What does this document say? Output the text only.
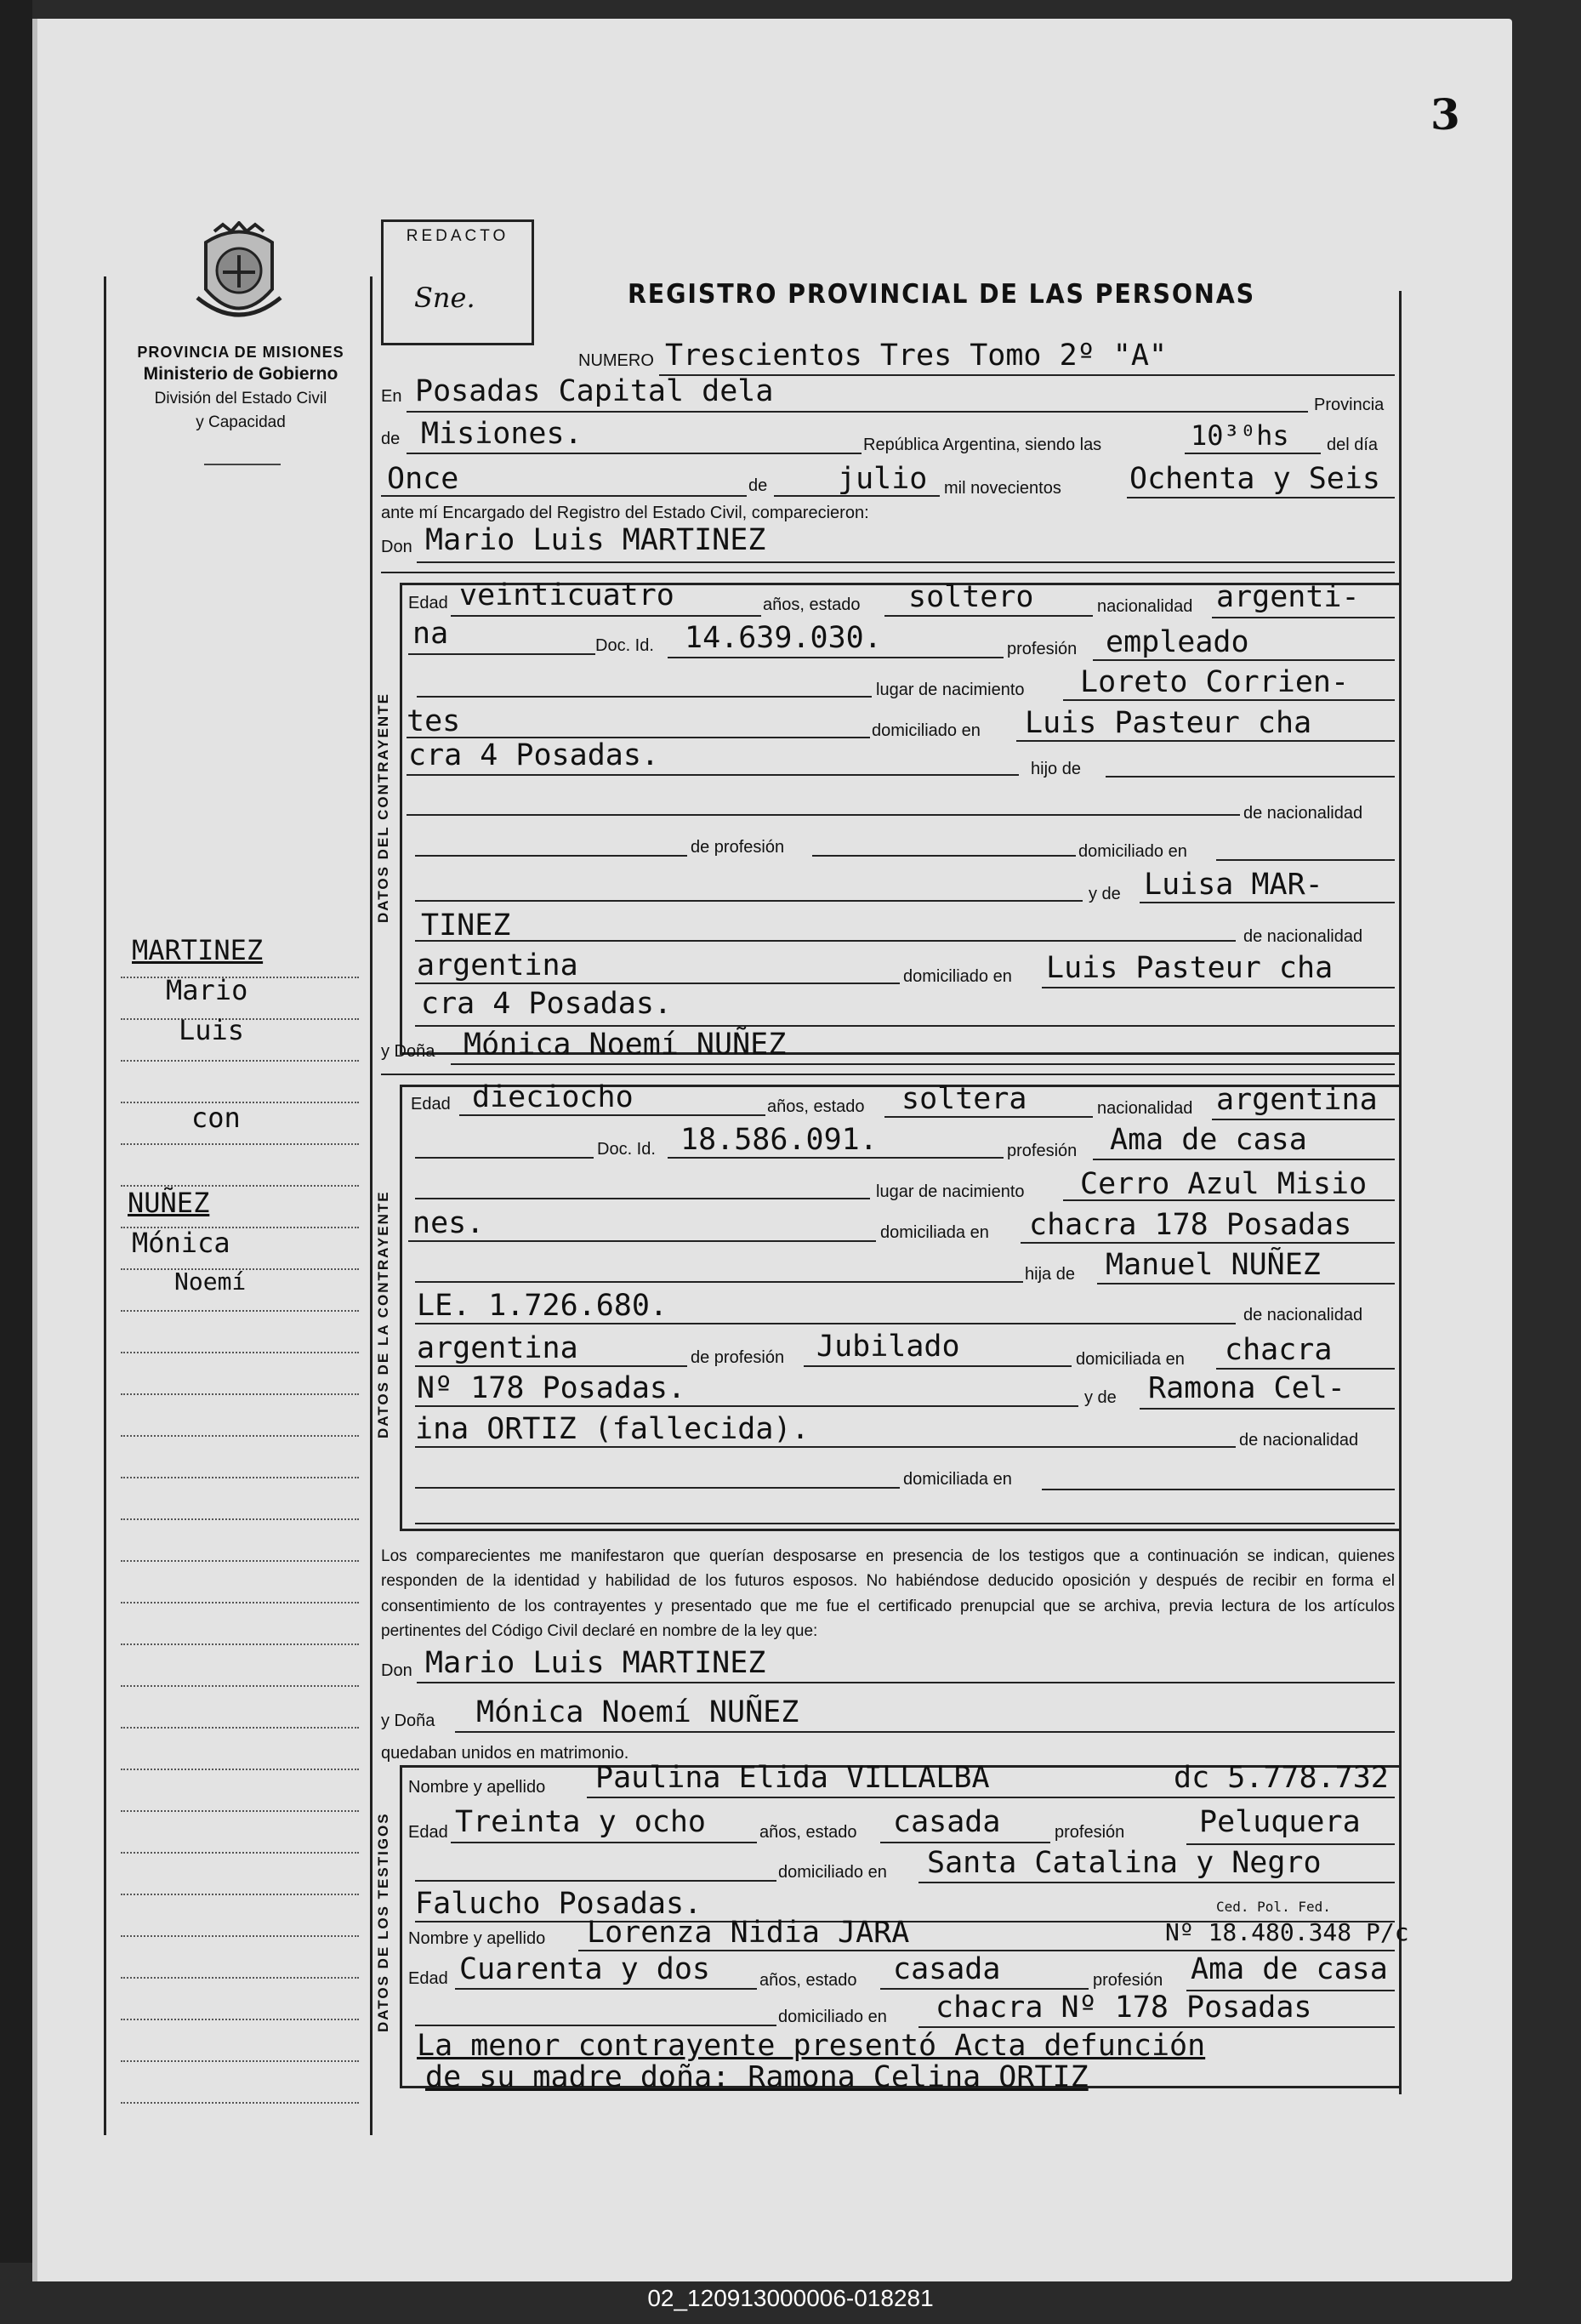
3
PROVINCIA DE MISIONES
Ministerio de Gobierno
División del Estado Civil
y Capacidad
MARTINEZ
Mario
Luis
con
NUÑEZ
Mónica
Noemí
REDACTO
Sne.	REGISTRO PROVINCIAL DE LAS PERSONAS
NUMERO Trescientos Tres Tomo 2º "A"
En Posadas Capital dela	Provincia
de Misiones.	República Argentina, siendo las	10³⁰hs del día
Once	de julio mil novecientos Ochenta y Seis
ante mí Encargado del Registro del Estado Civil, comparecieron:
Don Mario Luis MARTINEZ
DATOS DEL CONTRAYENTE
Edad veinticuatro	años, estado soltero	nacionalidad argenti-
na	Doc. Id. 14.639.030.	profesión empleado
lugar de nacimiento Loreto Corrien-
tes	domiciliado en Luis Pasteur cha
cra 4 Posadas.	hijo de
de nacionalidad
de profesión	domiciliado en
y de Luisa MAR-
TINEZ	de nacionalidad
argentina	domiciliado en Luis Pasteur cha
cra 4 Posadas.
y Doña Mónica Noemí NUÑEZ
DATOS DE LA CONTRAYENTE
Edad dieciocho	años, estado soltera	nacionalidad argentina
Doc. Id. 18.586.091.	profesión Ama de casa
lugar de nacimiento Cerro Azul Misio
nes.	domiciliada en chacra 178 Posadas
hija de Manuel NUÑEZ
LE. 1.726.680.	de nacionalidad
argentina	de profesión Jubilado	domiciliada en chacra
Nº 178 Posadas.	y de Ramona Cel-
ina ORTIZ (fallecida).	de nacionalidad
domiciliada en
Los comparecientes me manifestaron que querían desposarse en presencia de los testigos que a continuación se indican, quienes responden de la identidad y habilidad de los futuros esposos. No habiéndose deducido oposición y después de recibir en forma el consentimiento de los contrayentes y presentado que me fue el certificado prenupcial que se archiva, previa lectura de los artículos pertinentes del Código Civil declaré en nombre de la ley que:
Don Mario Luis MARTINEZ
y Doña Mónica Noemí NUÑEZ
quedaban unidos en matrimonio.
DATOS DE LOS TESTIGOS
Nombre y apellido Paulina Elida VILLALBA	dc 5.778.732
Edad Treinta y ocho	años, estado casada	profesión	Peluquera
domiciliado en Santa Catalina y Negro
Falucho Posadas.
Nombre y apellido Lorenza Nidia JARA
Ced. Pol. Fed.
Nº 18.480.348 P/c
Edad Cuarenta y dos	años, estado casada	profesión Ama de casa
domiciliado en chacra Nº 178 Posadas
La menor contrayente presentó Acta defunción
de su madre doña: Ramona Celina ORTIZ
02_120913000006-018281
